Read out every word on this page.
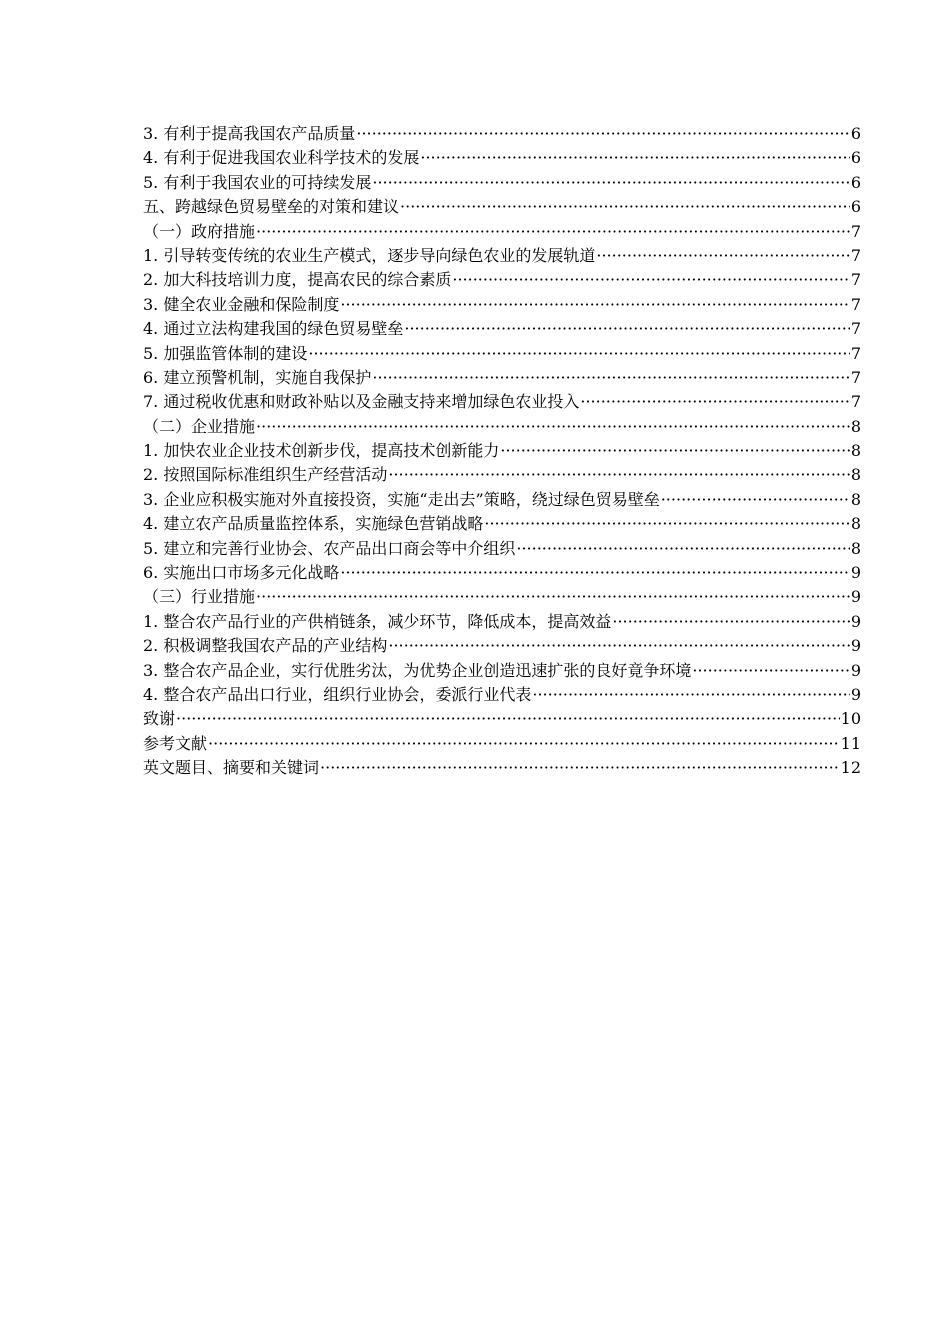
3. 有利于提高我国农产品质量 ·····	6
4. 有利于促进我国农业科学技术的发展 ·····	6
5. 有利于我国农业的可持续发展 ·····	6
五、跨越绿色贸易壁垒的对策和建议 ·····	6
（一）政府措施 ·····	7
1. 引导转变传统的农业生产模式，逐步导向绿色农业的发展轨道 ·····	7
2. 加大科技培训力度，提高农民的综合素质 ·····	7
3. 健全农业金融和保险制度 ·····	7
4. 通过立法构建我国的绿色贸易壁垒 ·····	7
5. 加强监管体制的建设 ·····	7
6. 建立预警机制，实施自我保护 ·····	7
7. 通过税收优惠和财政补贴以及金融支持来增加绿色农业投入 ·····	7
（二）企业措施 ·····	8
1. 加快农业企业技术创新步伐，提高技术创新能力 ·····	8
2. 按照国际标准组织生产经营活动 ·····	8
3. 企业应积极实施对外直接投资，实施“走出去”策略，绕过绿色贸易壁垒 ·····	8
4. 建立农产品质量监控体系，实施绿色营销战略 ·····	8
5. 建立和完善行业协会、农产品出口商会等中介组织 ·····	8
6. 实施出口市场多元化战略 ·····	9
（三）行业措施 ·····	9
1. 整合农产品行业的产供梢链条，减少环节，降低成本，提高效益 ·····	9
2. 积极调整我国农产品的产业结构 ·····	9
3. 整合农产品企业，实行优胜劣汰，为优势企业创造迅速扩张的良好竟争环境 ·····	9
4. 整合农产品出口行业，组织行业协会，委派行业代表 ·····	9
致谢 ·····	10
参考文献 ·····	11
英文题目、摘要和关键词 ·····	12
